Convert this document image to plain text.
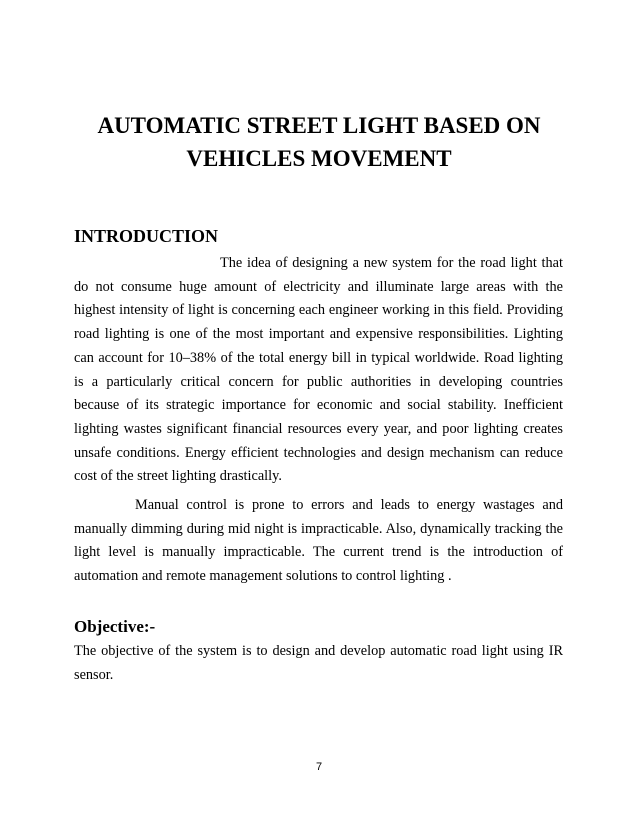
AUTOMATIC STREET LIGHT BASED ON
VEHICLES MOVEMENT
INTRODUCTION

The idea of designing a new system for the road light that do not consume huge amount of electricity and illuminate large areas with the highest intensity of light is concerning each engineer working in this field. Providing road lighting is one of the most important and expensive responsibilities. Lighting can account for 10–38% of the total energy bill in typical worldwide. Road lighting is a particularly critical concern for public authorities in developing countries because of its strategic importance for economic and social stability. Inefficient lighting wastes significant financial resources every year, and poor lighting creates unsafe conditions. Energy efficient technologies and design mechanism can reduce cost of the street lighting drastically.

Manual control is prone to errors and leads to energy wastages and manually dimming during mid night is impracticable. Also, dynamically tracking the light level is manually impracticable. The current trend is the introduction of automation and remote management solutions to control lighting .

Objective:-

The objective of the system is to design and develop automatic road light using IR sensor.

7
